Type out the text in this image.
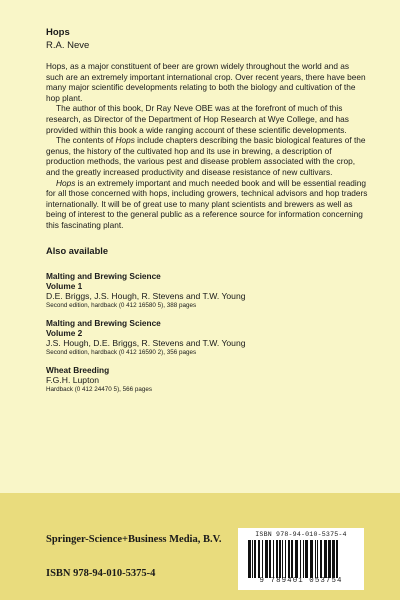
Hops
R.A. Neve

Hops, as a major constituent of beer are grown widely throughout the world and as such are an extremely important international crop. Over recent years, there have been many major scientific developments relating to both the biology and cultivation of the hop plant.

The author of this book, Dr Ray Neve OBE was at the forefront of much of this research, as Director of the Department of Hop Research at Wye College, and has provided within this book a wide ranging account of these scientific developments.

The contents of Hops include chapters describing the basic biological features of the genus, the history of the cultivated hop and its use in brewing, a description of production methods, the various pest and disease problem associated with the crop, and the greatly increased productivity and disease resistance of new cultivars.

Hops is an extremely important and much needed book and will be essential reading for all those concerned with hops, including growers, technical advisors and hop traders internationally. It will be of great use to many plant scientists and brewers as well as being of interest to the general public as a reference source for information concerning this fascinating plant.

Also available
Malting and Brewing Science
Volume 1
D.E. Briggs, J.S. Hough, R. Stevens and T.W. Young
Second edition, hardback (0 412 16580 5), 388 pages
Malting and Brewing Science
Volume 2
J.S. Hough, D.E. Briggs, R. Stevens and T.W. Young
Second edition, hardback (0 412 16590 2), 356 pages
Wheat Breeding
F.G.H. Lupton
Hardback (0 412 24470 5), 566 pages
Springer-Science+Business Media, B.V.
ISBN 978-94-010-5375-4
ISBN 978-94-010-5375-4
9 789401 053754
